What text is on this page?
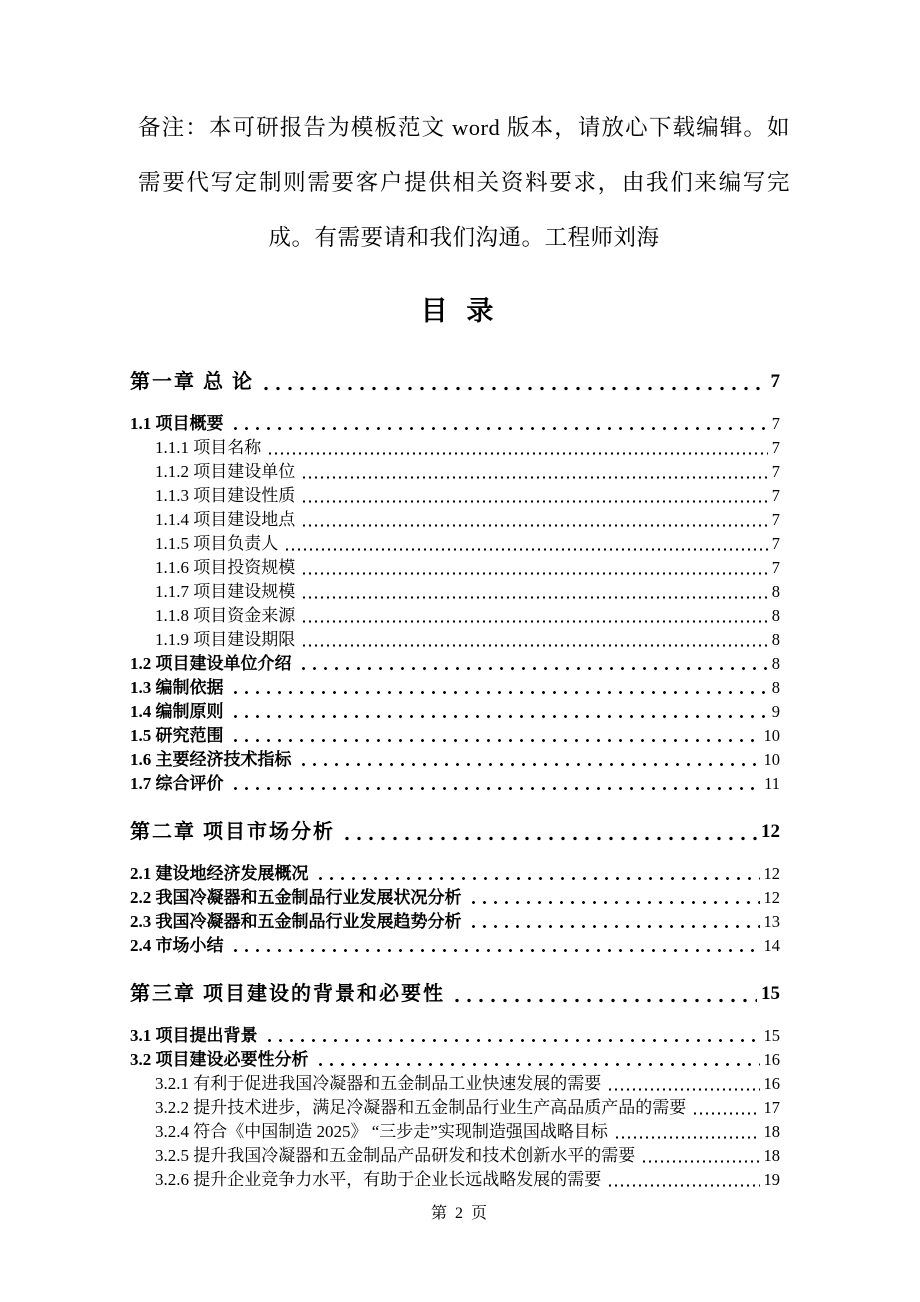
备注：本可研报告为模板范文 word 版本，请放心下载编辑。如需要代写定制则需要客户提供相关资料要求，由我们来编写完成。有需要请和我们沟通。工程师刘海

目 录
第一章 总 论	7
1.1 项目概要	7
1.1.1 项目名称	7
1.1.2 项目建设单位	7
1.1.3 项目建设性质	7
1.1.4 项目建设地点	7
1.1.5 项目负责人	7
1.1.6 项目投资规模	7
1.1.7 项目建设规模	8
1.1.8 项目资金来源	8
1.1.9 项目建设期限	8
1.2 项目建设单位介绍	8
1.3 编制依据	8
1.4 编制原则	9
1.5 研究范围	10
1.6 主要经济技术指标	10
1.7 综合评价	11
第二章 项目市场分析	12
2.1 建设地经济发展概况	12
2.2 我国冷凝器和五金制品行业发展状况分析	12
2.3 我国冷凝器和五金制品行业发展趋势分析	13
2.4 市场小结	14
第三章 项目建设的背景和必要性	15
3.1 项目提出背景	15
3.2 项目建设必要性分析	16
3.2.1 有利于促进我国冷凝器和五金制品工业快速发展的需要	16
3.2.2 提升技术进步，满足冷凝器和五金制品行业生产高品质产品的需要	17
3.2.4 符合《中国制造 2025》 “三步走”实现制造强国战略目标	18
3.2.5 提升我国冷凝器和五金制品产品研发和技术创新水平的需要	18
3.2.6 提升企业竞争力水平，有助于企业长远战略发展的需要	19
第 2 页
